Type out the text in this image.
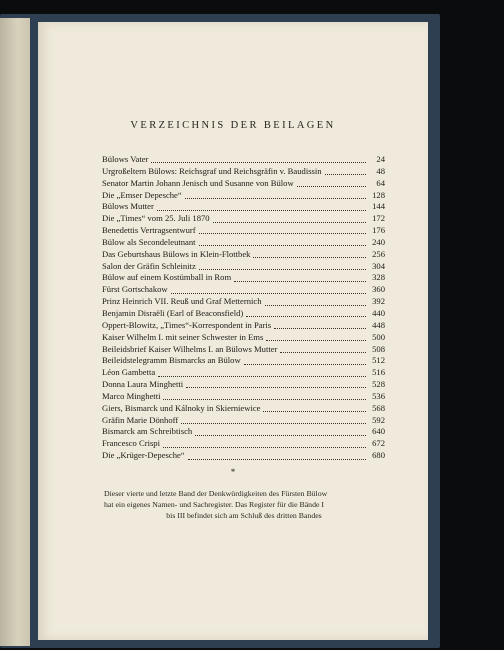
VERZEICHNIS DER BEILAGEN
Bülows Vater	24
Urgroßeltern Bülows: Reichsgraf und Reichsgräfin v. Baudissin	48
Senator Martin Johann Jenisch und Susanne von Bülow	64
Die „Emser Depesche“	128
Bülows Mutter	144
Die „Times“ vom 25. Juli 1870	172
Benedettis Vertragsentwurf	176
Bülow als Secondeleutnant	240
Das Geburtshaus Bülows in Klein-Flottbek	256
Salon der Gräfin Schleinitz	304
Bülow auf einem Kostümball in Rom	328
Fürst Gortschakow	360
Prinz Heinrich VII. Reuß und Graf Metternich	392
Benjamin Disraëli (Earl of Beaconsfield)	440
Oppert-Blowitz, „Times“-Korrespondent in Paris	448
Kaiser Wilhelm I. mit seiner Schwester in Ems	500
Beileidsbrief Kaiser Wilhelms I. an Bülows Mutter	508
Beileidstelegramm Bismarcks an Bülow	512
Léon Gambetta	516
Donna Laura Minghetti	528
Marco Minghetti	536
Giers, Bismarck und Kálnoky in Skierniewice	568
Gräfin Marie Dönhoff	592
Bismarck am Schreibtisch	640
Francesco Crispi	672
Die „Krüger-Depesche“	680
*
Dieser vierte und letzte Band der Denkwürdigkeiten des Fürsten Bülow
hat ein eigenes Namen- und Sachregister. Das Register für die Bände I
bis III befindet sich am Schluß des dritten Bandes
